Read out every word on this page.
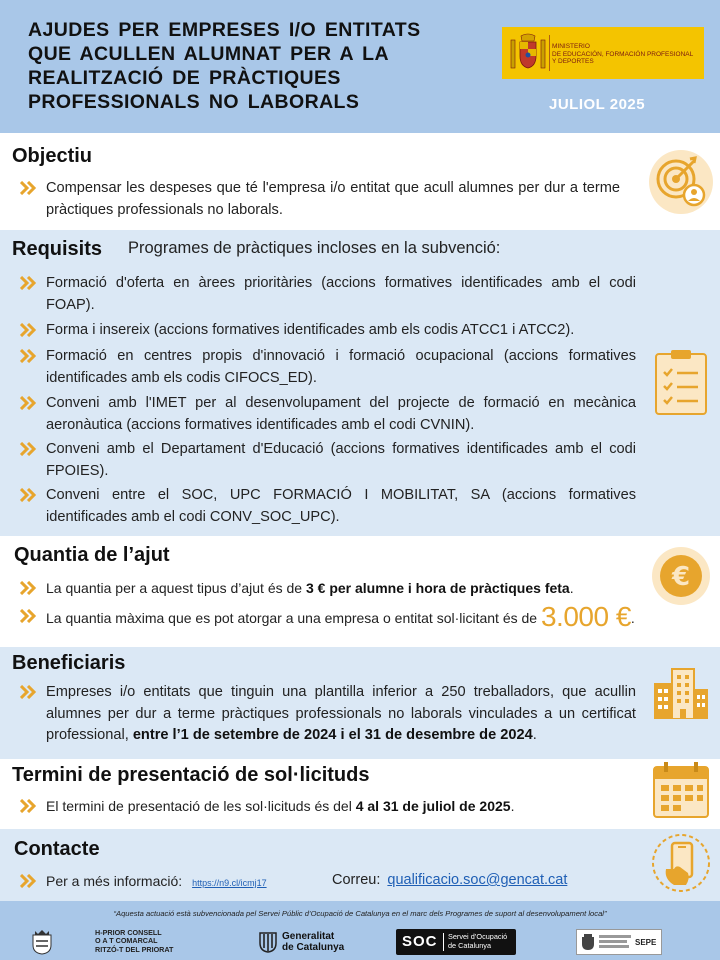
AJUDES PER EMPRESES I/O ENTITATS
QUE ACULLEN ALUMNAT PER A LA
REALITZACIÓ DE PRÀCTIQUES
PROFESSIONALS NO LABORALS
MINISTERIO
DE EDUCACIÓN, FORMACIÓN PROFESIONAL
Y DEPORTES
JULIOL 2025
Objectiu
Compensar les despeses que té l'empresa i/o entitat que acull alumnes per dur a terme pràctiques professionals no laborals.
Requisits Programes de pràctiques incloses en la subvenció:
Formació d'oferta en àrees prioritàries (accions formatives identificades amb el codi FOAP).
Forma i insereix (accions formatives identificades amb els codis ATCC1 i ATCC2).
Formació en centres propis d'innovació i formació ocupacional (accions formatives identificades amb els codis CIFOCS_ED).
Conveni amb l'IMET per al desenvolupament del projecte de formació en mecànica aeronàutica (accions formatives identificades amb el codi CVNIN).
Conveni amb el Departament d'Educació (accions formatives identificades amb el codi FPOIES).
Conveni entre el SOC, UPC FORMACIÓ I MOBILITAT, SA (accions formatives identificades amb el codi CONV_SOC_UPC).
Quantia de l’ajut
La quantia per a aquest tipus d’ajut és de 3 € per alumne i hora de pràctiques feta.
La quantia màxima que es pot atorgar a una empresa o entitat sol·licitant és de 3.000 €.
€
Beneficiaris
Empreses i/o entitats que tinguin una plantilla inferior a 250 treballadors, que acullin alumnes per dur a terme pràctiques professionals no laborals vinculades a un certificat professional, entre l’1 de setembre de 2024 i el 31 de desembre de 2024.
Termini de presentació de sol·licituds
El termini de presentació de les sol·licituds és del 4 al 31 de juliol de 2025.
Contacte
Per a més informació: https://n9.cl/icmj17	Correu: qualificacio.soc@gencat.cat
“Aquesta actuació està subvencionada pel Servei Públic d’Ocupació de Catalunya en el marc dels Programes de suport al desenvolupament local”
H-PRIOR CONSELL
O A T COMARCAL
RITZÓ-T DEL PRIORAT
Generalitat
de Catalunya	SOC Servei d’Ocupació
de Catalunya	SEPE
